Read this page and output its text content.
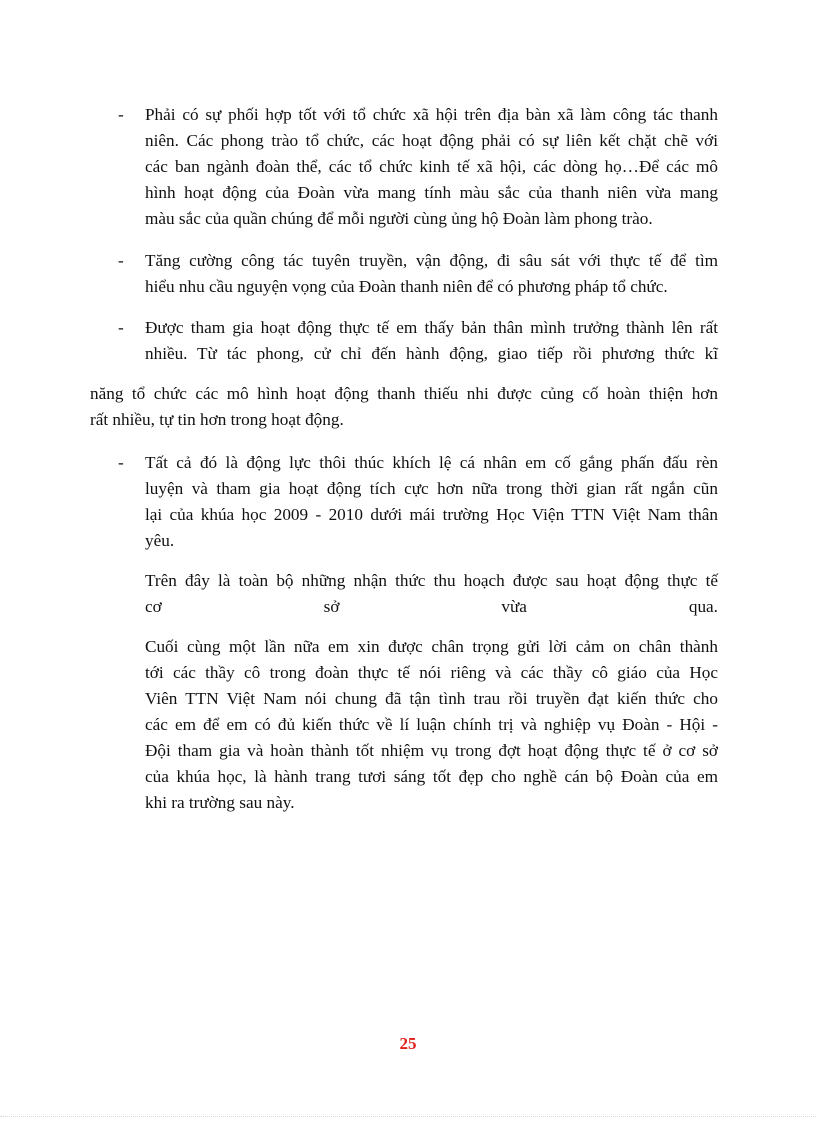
-	Phải có sự phối hợp tốt với tổ chức xã hội trên địa bàn xã làm công tác thanh
niên. Các phong trào tổ chức, các hoạt động phải có sự liên kết chặt chẽ với
các ban ngành đoàn thể, các tổ chức kinh tế xã hội, các dòng họ…Để các mô
hình hoạt động của Đoàn vừa mang tính màu sắc của thanh niên vừa mang
màu sắc của quần chúng để mỗi người cùng ủng hộ Đoàn làm phong trào.
-	Tăng cường công tác tuyên truyền, vận động, đi sâu sát với thực tế để tìm
hiểu nhu cầu nguyện vọng của Đoàn thanh niên để có phương pháp tổ chức.
-	Được tham gia hoạt động thực tế em thấy bản thân mình trưởng thành lên rất
nhiều. Từ tác phong, cử chỉ đến hành động, giao tiếp rồi phương thức kĩ
năng tổ chức các mô hình hoạt động thanh thiếu nhi được củng cố hoàn thiện hơn
rất nhiều, tự tin hơn trong hoạt động.
-	Tất cả đó là động lực thôi thúc khích lệ cá nhân em cố gắng phấn đấu rèn
luyện và tham gia hoạt động tích cực hơn nữa trong thời gian rất ngắn cũn
lại của khúa học 2009 - 2010 dưới mái trường Học Viện TTN Việt Nam thân
yêu.
Trên đây là toàn bộ những nhận thức thu hoạch được sau hoạt động thực tế
cơ	sở	vừa	qua.
Cuối cùng một lần nữa em xin được chân trọng gửi lời cảm on chân thành
tới các thầy cô trong đoàn thực tế nói riêng và các thầy cô giáo của Học
Viên TTN Việt Nam nói chung đã tận tình trau rồi truyền đạt kiến thức cho
các em để em có đủ kiến thức về lí luận chính trị và nghiệp vụ Đoàn - Hội -
Đội tham gia và hoàn thành tốt nhiệm vụ trong đợt hoạt động thực tế ở cơ sở
của khúa học, là hành trang tươi sáng tốt đẹp cho nghề cán bộ Đoàn của em
khi ra trường sau này.
25
